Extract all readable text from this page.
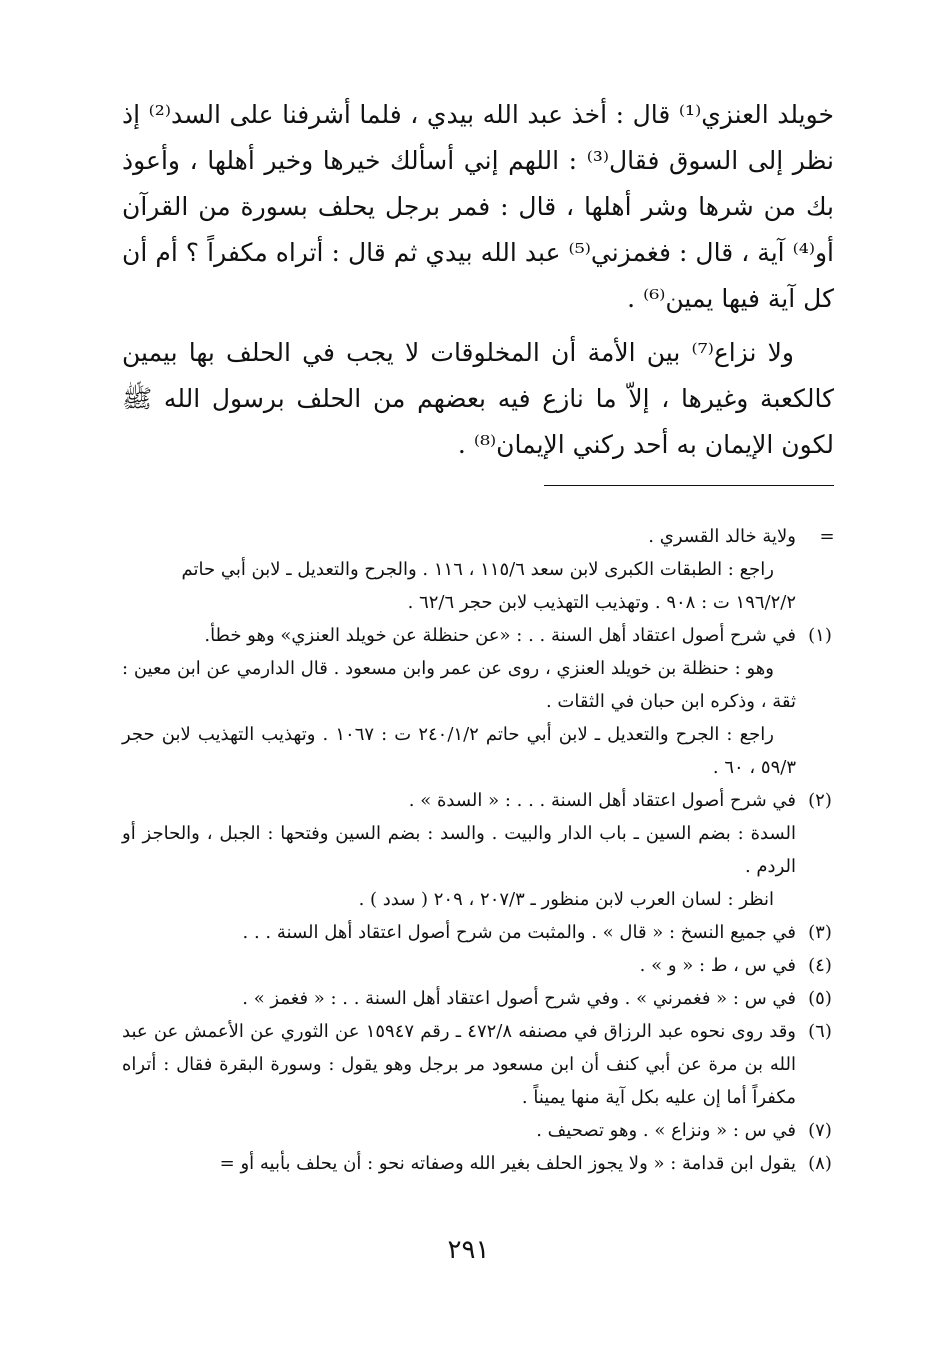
خويلد العنزي⁽¹⁾ قال : أخذ عبد الله بيدي ، فلما أشرفنا على السد⁽²⁾ إذ نظر إلى السوق فقال⁽³⁾ : اللهم إني أسألك خيرها وخير أهلها ، وأعوذ بك من شرها وشر أهلها ، قال : فمر برجل يحلف بسورة من القرآن أو⁽⁴⁾ آية ، قال : فغمزني⁽⁵⁾ عبد الله بيدي ثم قال : أتراه مكفراً ؟ أم أن كل آية فيها يمين⁽⁶⁾ .

ولا نزاع⁽⁷⁾ بين الأمة أن المخلوقات لا يجب في الحلف بها بيمين كالكعبة وغيرها ، إلاّ ما نازع فيه بعضهم من الحلف برسول الله ﷺ لكون الإيمان به أحد ركني الإيمان⁽⁸⁾ .

=
ولاية خالد القسري .
راجع : الطبقات الكبرى لابن سعد ١١٥/٦ ، ١١٦ . والجرح والتعديل ـ لابن أبي حاتم ١٩٦/٢/٢ ت : ٩٠٨ . وتهذيب التهذيب لابن حجر ٦٢/٦ .
(١)

في شرح أصول اعتقاد أهل السنة . . : «عن حنظلة عن خويلد العنزي» وهو خطأ.

وهو : حنظلة بن خويلد العنزي ، روى عن عمر وابن مسعود . قال الدارمي عن ابن معين : ثقة ، وذكره ابن حبان في الثقات .

راجع : الجرح والتعديل ـ لابن أبي حاتم ٢٤٠/١/٢ ت : ١٠٦٧ . وتهذيب التهذيب لابن حجر ٥٩/٣ ، ٦٠ .

(٢)

في شرح أصول اعتقاد أهل السنة . . . : « السدة » .

السدة : بضم السين ـ باب الدار والبيت . والسد : بضم السين وفتحها : الجبل ، والحاجز أو الردم .

انظر : لسان العرب لابن منظور ـ ٢٠٧/٣ ، ٢٠٩ ( سدد ) .

(٣)

في جميع النسخ : « قال » . والمثبت من شرح أصول اعتقاد أهل السنة . . .

(٤)

في س ، ط : « و » .

(٥)

في س : « فغمرني » . وفي شرح أصول اعتقاد أهل السنة . . : « فغمز » .

(٦)

وقد روى نحوه عبد الرزاق في مصنفه ٤٧٢/٨ ـ رقم ١٥٩٤٧ عن الثوري عن الأعمش عن عبد الله بن مرة عن أبي كنف أن ابن مسعود مر برجل وهو يقول : وسورة البقرة فقال : أتراه مكفراً أما إن عليه بكل آية منها يميناً .

(٧)

في س : « ونزاع » . وهو تصحيف .

(٨)

يقول ابن قدامة : « ولا يجوز الحلف بغير الله وصفاته نحو : أن يحلف بأبيه أو =

٢٩١
